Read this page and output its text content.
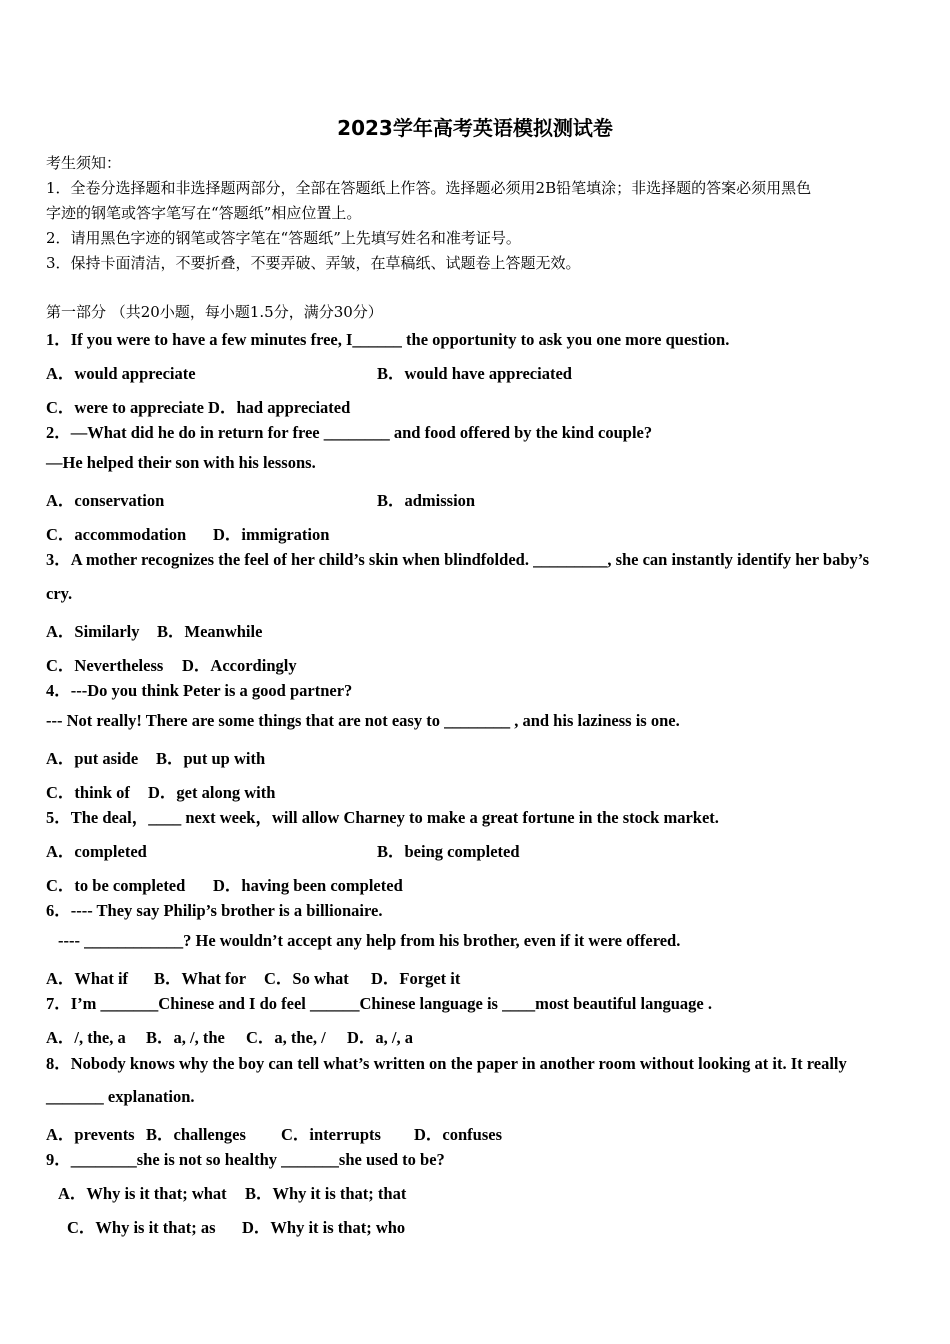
2023学年高考英语模拟测试卷
考生须知：
1．全卷分选择题和非选择题两部分，全部在答题纸上作答。选择题必须用2B铅笔填涂；非选择题的答案必须用黑色
字迹的钢笔或答字笔写在“答题纸”相应位置上。
2．请用黑色字迹的钢笔或答字笔在“答题纸”上先填写姓名和准考证号。
3．保持卡面清洁，不要折叠，不要弄破、弄皱，在草稿纸、试题卷上答题无效。
第一部分 （共20小题，每小题1.5分，满分30分）
1．If you were to have a few minutes free, I______ the opportunity to ask you one more question.
A．would appreciate	B．would have appreciated
C．were to appreciate D．had appreciated
2．—What did he do in return for free ________ and food offered by the kind couple?
—He helped their son with his lessons.
A．conservation	B．admission
C．accommodation D．immigration
3．A mother recognizes the feel of her child’s skin when blindfolded. _________, she can instantly identify her baby’s
cry.
A．Similarly B．Meanwhile
C．Nevertheless D．Accordingly
4．---Do you think Peter is a good partner?
--- Not really! There are some things that are not easy to ________ , and his laziness is one.
A．put aside B．put up with
C．think of D．get along with
5．The deal，____ next week，will allow Charney to make a great fortune in the stock market.
A．completed	B．being completed
C．to be completed D．having been completed
6．---- They say Philip’s brother is a billionaire.
---- ____________? He wouldn’t accept any help from his brother, even if it were offered.
A．What if B．What for C．So what D．Forget it
7．I’m _______Chinese and I do feel ______Chinese language is ____most beautiful language .
A．/, the, a B．a, /, the C．a, the, / D．a, /, a
8．Nobody knows why the boy can tell what’s written on the paper in another room without looking at it. It really
_______ explanation.
A．prevents B．challenges C．interrupts D．confuses
9．________she is not so healthy _______she used to be?
A．Why is it that; what B．Why it is that; that
C．Why is it that; as D．Why it is that; who
